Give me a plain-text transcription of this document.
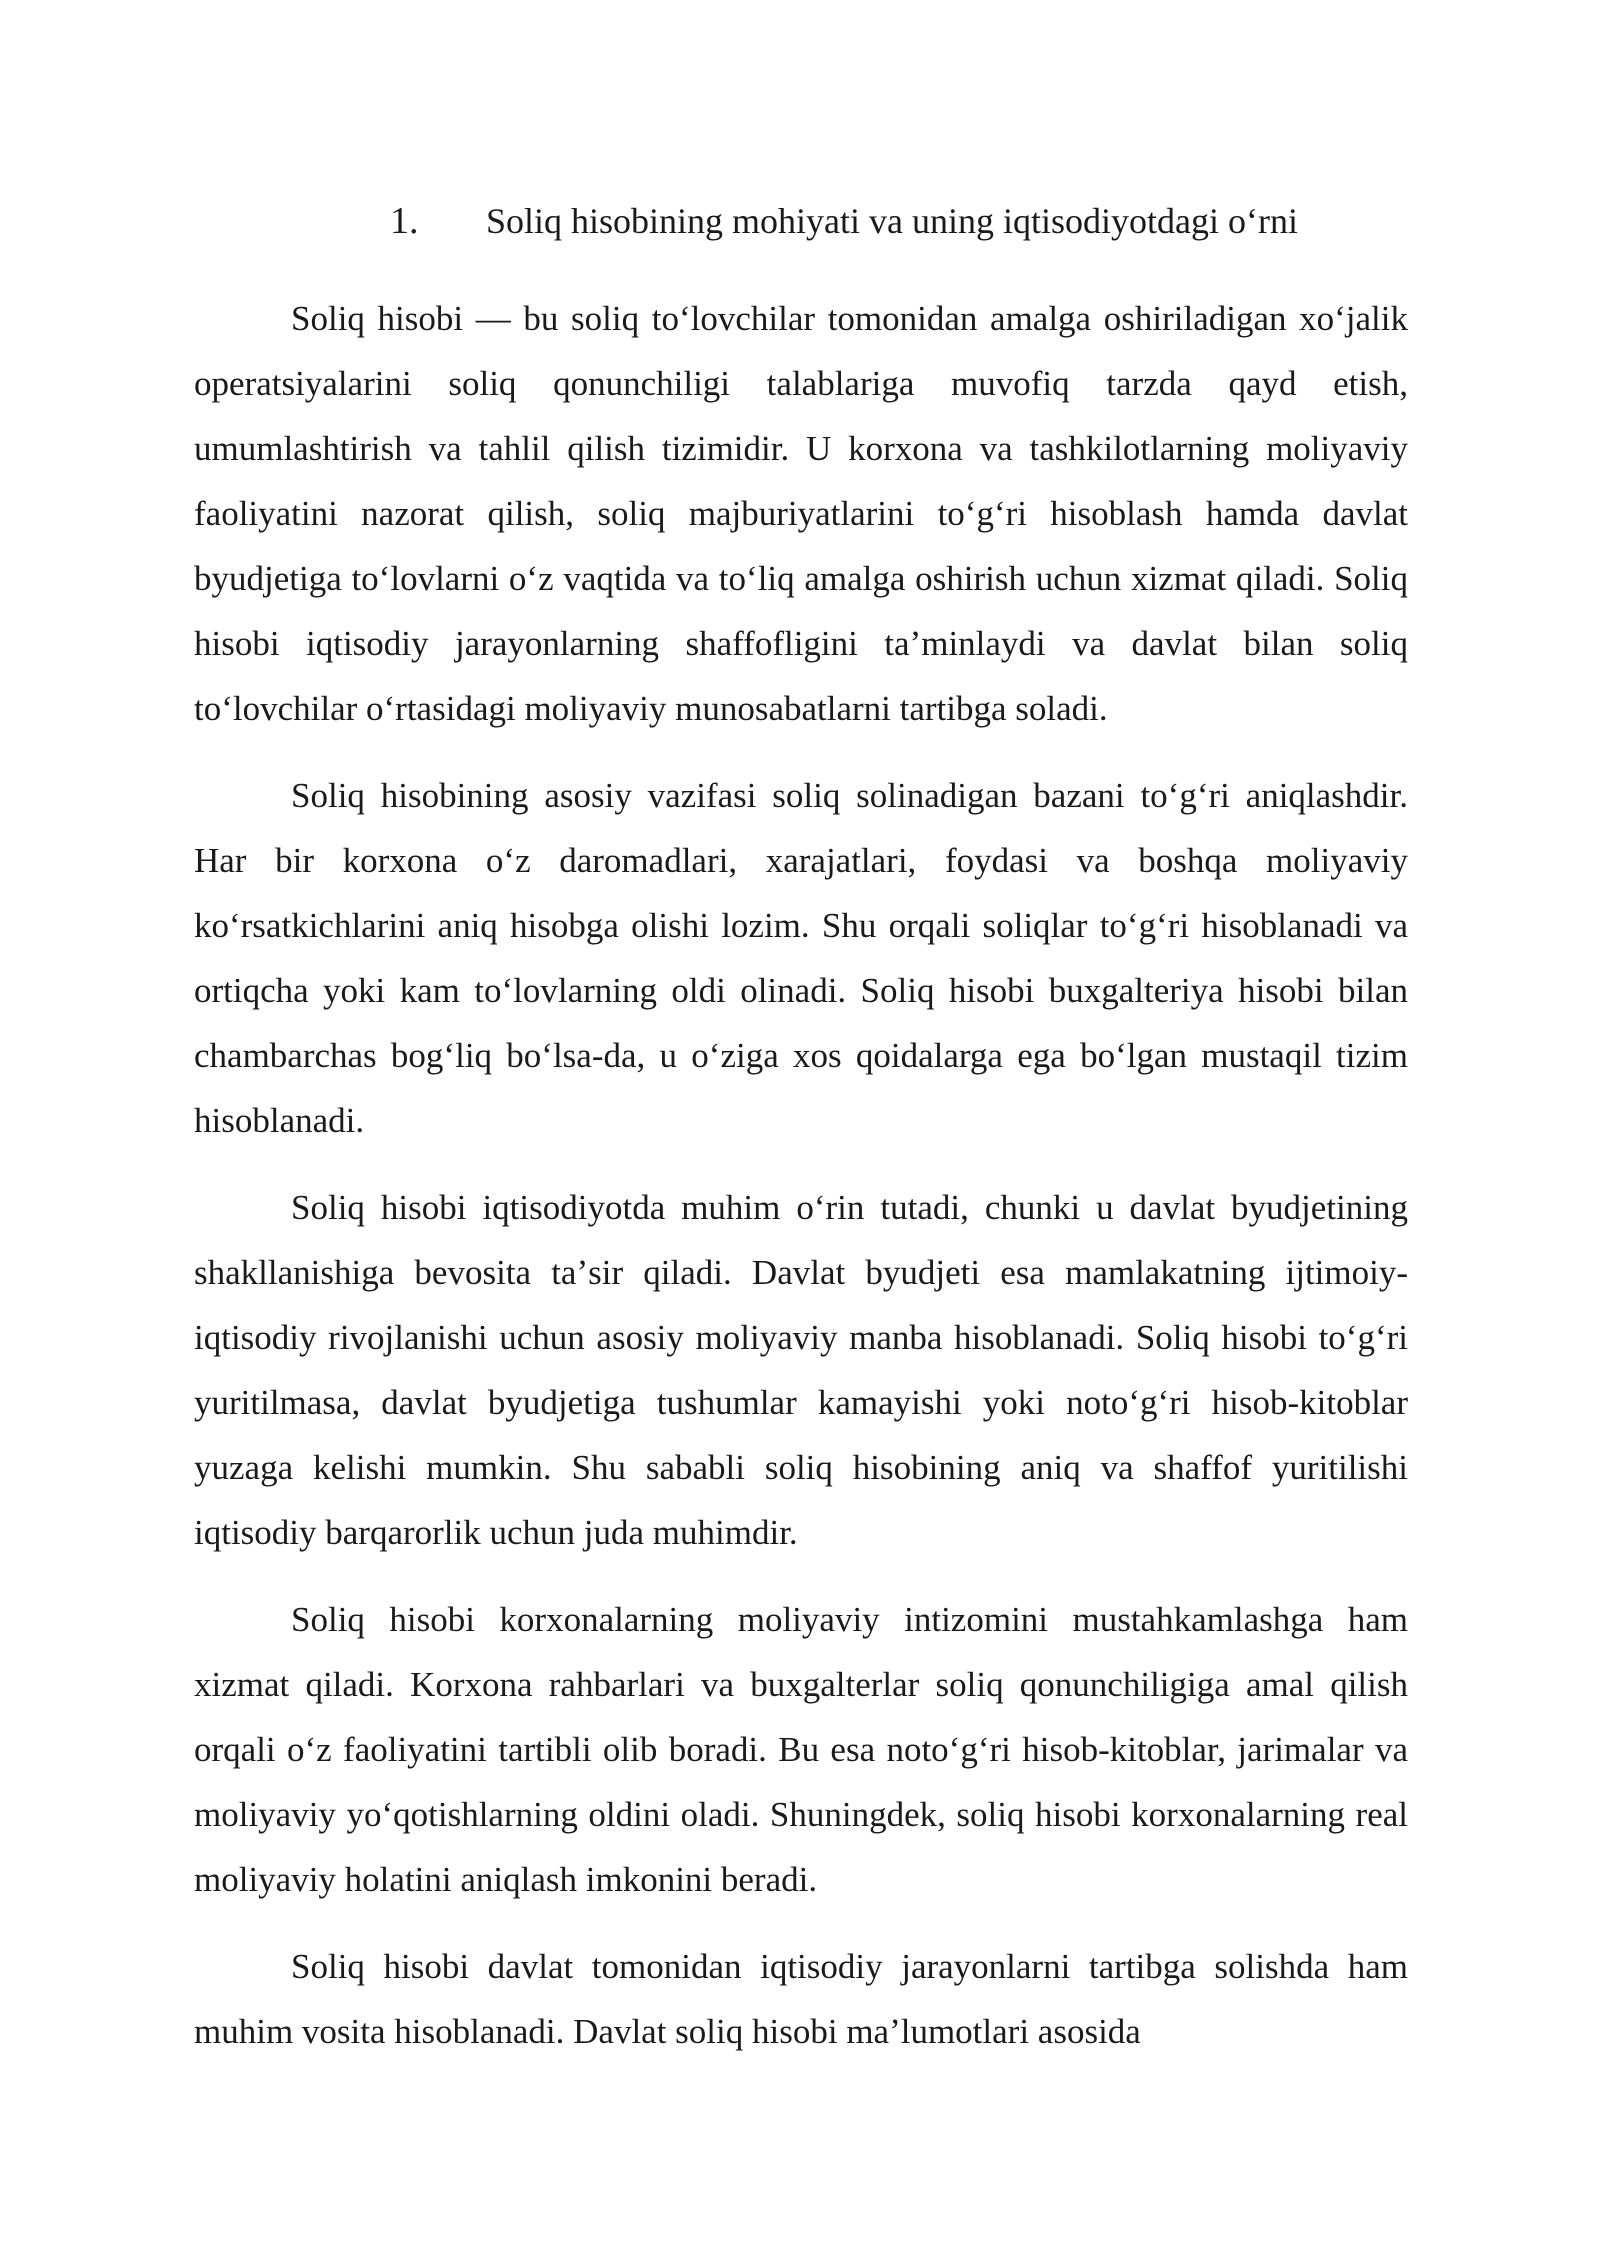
1. Soliq hisobining mohiyati va uning iqtisodiyotdagi oʻrni

Soliq hisobi — bu soliq toʻlovchilar tomonidan amalga oshiriladigan xoʻjalik operatsiyalarini soliq qonunchiligi talablariga muvofiq tarzda qayd etish, umumlashtirish va tahlil qilish tizimidir. U korxona va tashkilotlarning moliyaviy faoliyatini nazorat qilish, soliq majburiyatlarini toʻgʻri hisoblash hamda davlat byudjetiga toʻlovlarni oʻz vaqtida va toʻliq amalga oshirish uchun xizmat qiladi. Soliq hisobi iqtisodiy jarayonlarning shaffofligini taʼminlaydi va davlat bilan soliq toʻlovchilar oʻrtasidagi moliyaviy munosabatlarni tartibga soladi.

Soliq hisobining asosiy vazifasi soliq solinadigan bazani toʻgʻri aniqlashdir. Har bir korxona oʻz daromadlari, xarajatlari, foydasi va boshqa moliyaviy koʻrsatkichlarini aniq hisobga olishi lozim. Shu orqali soliqlar toʻgʻri hisoblanadi va ortiqcha yoki kam toʻlovlarning oldi olinadi. Soliq hisobi buxgalteriya hisobi bilan chambarchas bogʻliq boʻlsa-da, u oʻziga xos qoidalarga ega boʻlgan mustaqil tizim hisoblanadi.

Soliq hisobi iqtisodiyotda muhim oʻrin tutadi, chunki u davlat byudjetining shakllanishiga bevosita taʼsir qiladi. Davlat byudjeti esa mamlakatning ijtimoiy-iqtisodiy rivojlanishi uchun asosiy moliyaviy manba hisoblanadi. Soliq hisobi toʻgʻri yuritilmasa, davlat byudjetiga tushumlar kamayishi yoki notoʻgʻri hisob-kitoblar yuzaga kelishi mumkin. Shu sababli soliq hisobining aniq va shaffof yuritilishi iqtisodiy barqarorlik uchun juda muhimdir.

Soliq hisobi korxonalarning moliyaviy intizomini mustahkamlashga ham xizmat qiladi. Korxona rahbarlari va buxgalterlar soliq qonunchiligiga amal qilish orqali oʻz faoliyatini tartibli olib boradi. Bu esa notoʻgʻri hisob-kitoblar, jarimalar va moliyaviy yoʻqotishlarning oldini oladi. Shuningdek, soliq hisobi korxonalarning real moliyaviy holatini aniqlash imkonini beradi.

Soliq hisobi davlat tomonidan iqtisodiy jarayonlarni tartibga solishda ham muhim vosita hisoblanadi. Davlat soliq hisobi maʼlumotlari asosida
